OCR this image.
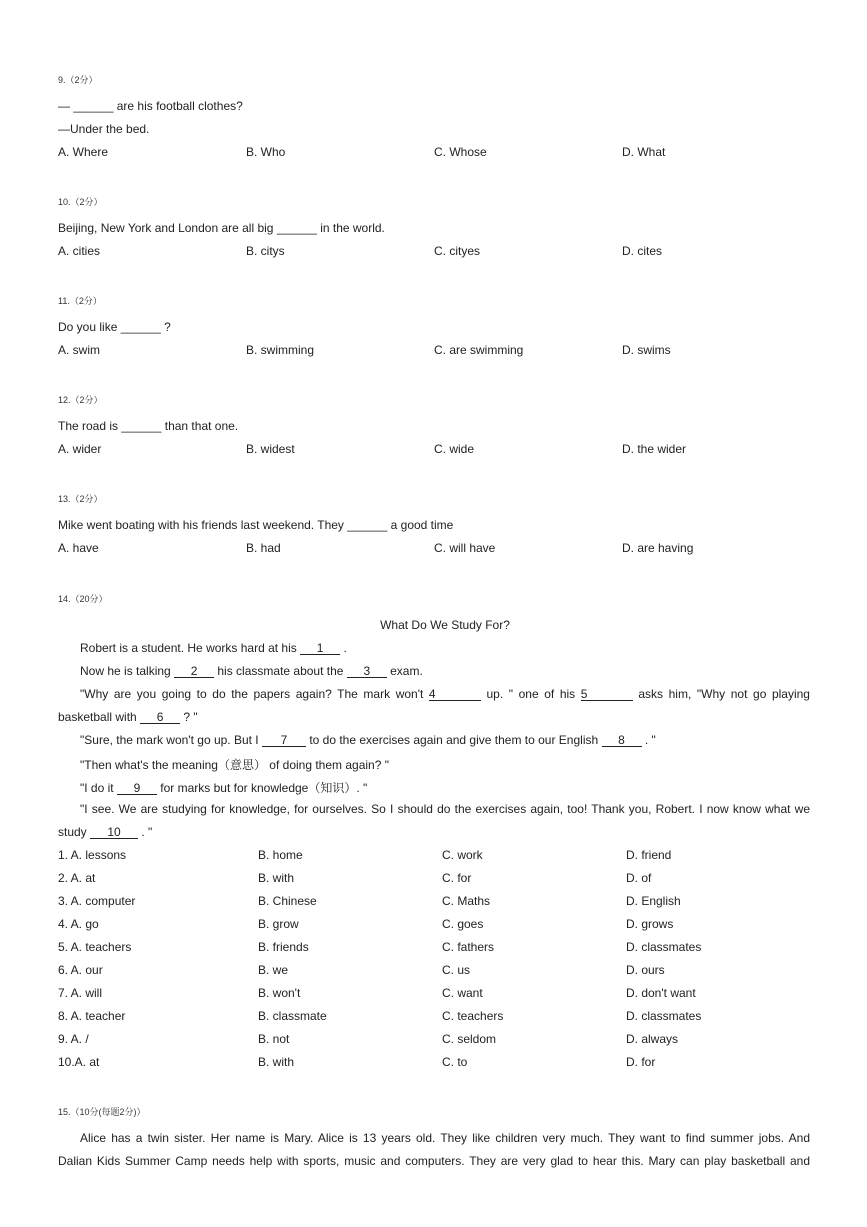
9.（2分）
— ______ are his football clothes?
—Under the bed.
A. Where	B. Who	C. Whose	D. What
10.（2分）
Beijing, New York and London are all big ______ in the world.
A. cities	B. citys	C. cityes	D. cites
11.（2分）
Do you like ______ ?
A. swim	B. swimming	C. are swimming	D. swims
12.（2分）
The road is ______ than that one.
A. wider	B. widest	C. wide	D. the wider
13.（2分）
Mike went boating with his friends last weekend. They ______ a good time
A. have	B. had	C. will have	D. are having
14.（20分）
What Do We Study For?
Robert is a student. He works hard at his 1 .
Now he is talking 2 his classmate about the 3 exam.
"Why are you going to do the papers again? The mark won't 4	up. " one of his 5	asks him, "Why not go playing
basketball with 6 ? "
"Sure, the mark won't go up. But I 7 to do the exercises again and give them to our English 8 . "
"Then what's the meaning（意思） of doing them again? "
"I do it 9 for marks but for knowledge（知识）. "
"I see. We are studying for knowledge, for ourselves. So I should do the exercises again, too! Thank you, Robert. I now know what we
study 10 . "
1. A. lessons	B. home	C. work	D. friend
2. A. at	B. with	C. for	D. of
3. A. computer	B. Chinese	C. Maths	D. English
4. A. go	B. grow	C. goes	D. grows
5. A. teachers	B. friends	C. fathers	D. classmates
6. A. our	B. we	C. us	D. ours
7. A. will	B. won't	C. want	D. don't want
8. A. teacher	B. classmate	C. teachers	D. classmates
9. A. /	B. not	C. seldom	D. always
10.A. at	B. with	C. to	D. for
15.（10分(每题2分)）
Alice has a twin sister. Her name is Mary. Alice is 13 years old. They like children very much. They want to find summer jobs. And
Dalian Kids Summer Camp needs help with sports, music and computers. They are very glad to hear this. Mary can play basketball and
